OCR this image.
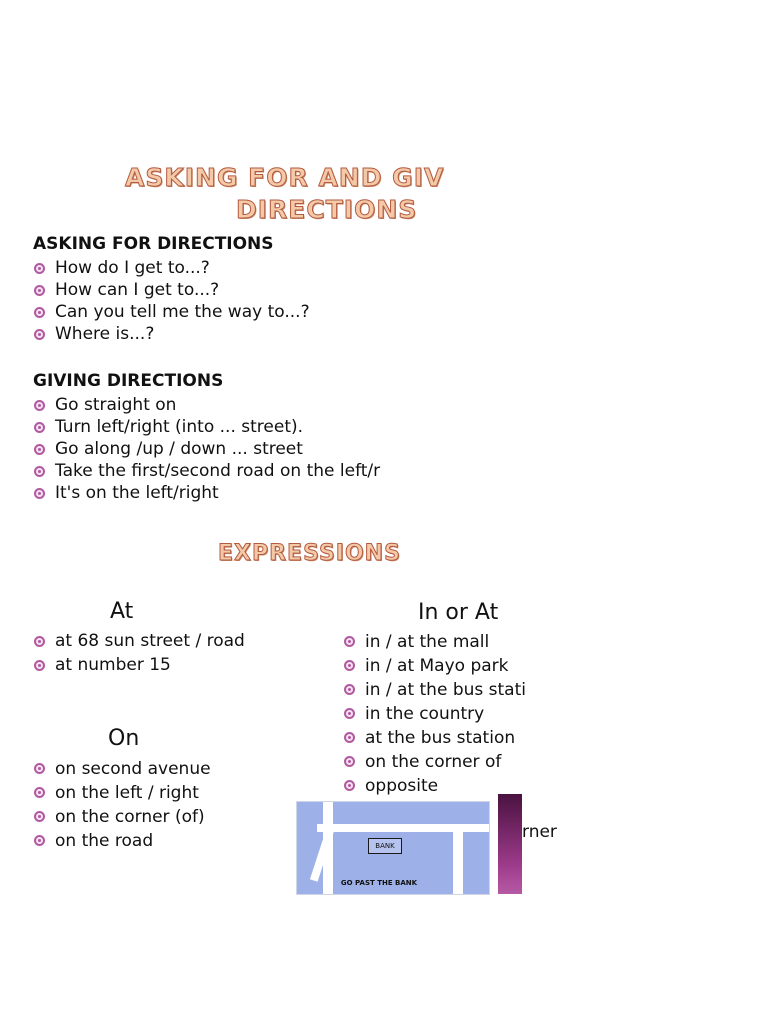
ASKING FOR AND GIV
DIRECTIONS
ASKING FOR DIRECTIONS
How do I get to...?
How can I get to...?
Can you tell me the way to...?
Where is...?
GIVING DIRECTIONS
Go straight on
Turn left/right (into ... street).
Go along /up / down ... street
Take the first/second road on the left/r
It's on the left/right
EXPRESSIONS
At
at 68 sun street / road
at number 15
On
on second avenue
on the left / right
on the corner (of)
on the road
In or At
in / at the mall
in / at Mayo park
in / at the bus stati
in the country
at the bus station
on the corner of
opposite
BANK
GO PAST THE BANK
rner
